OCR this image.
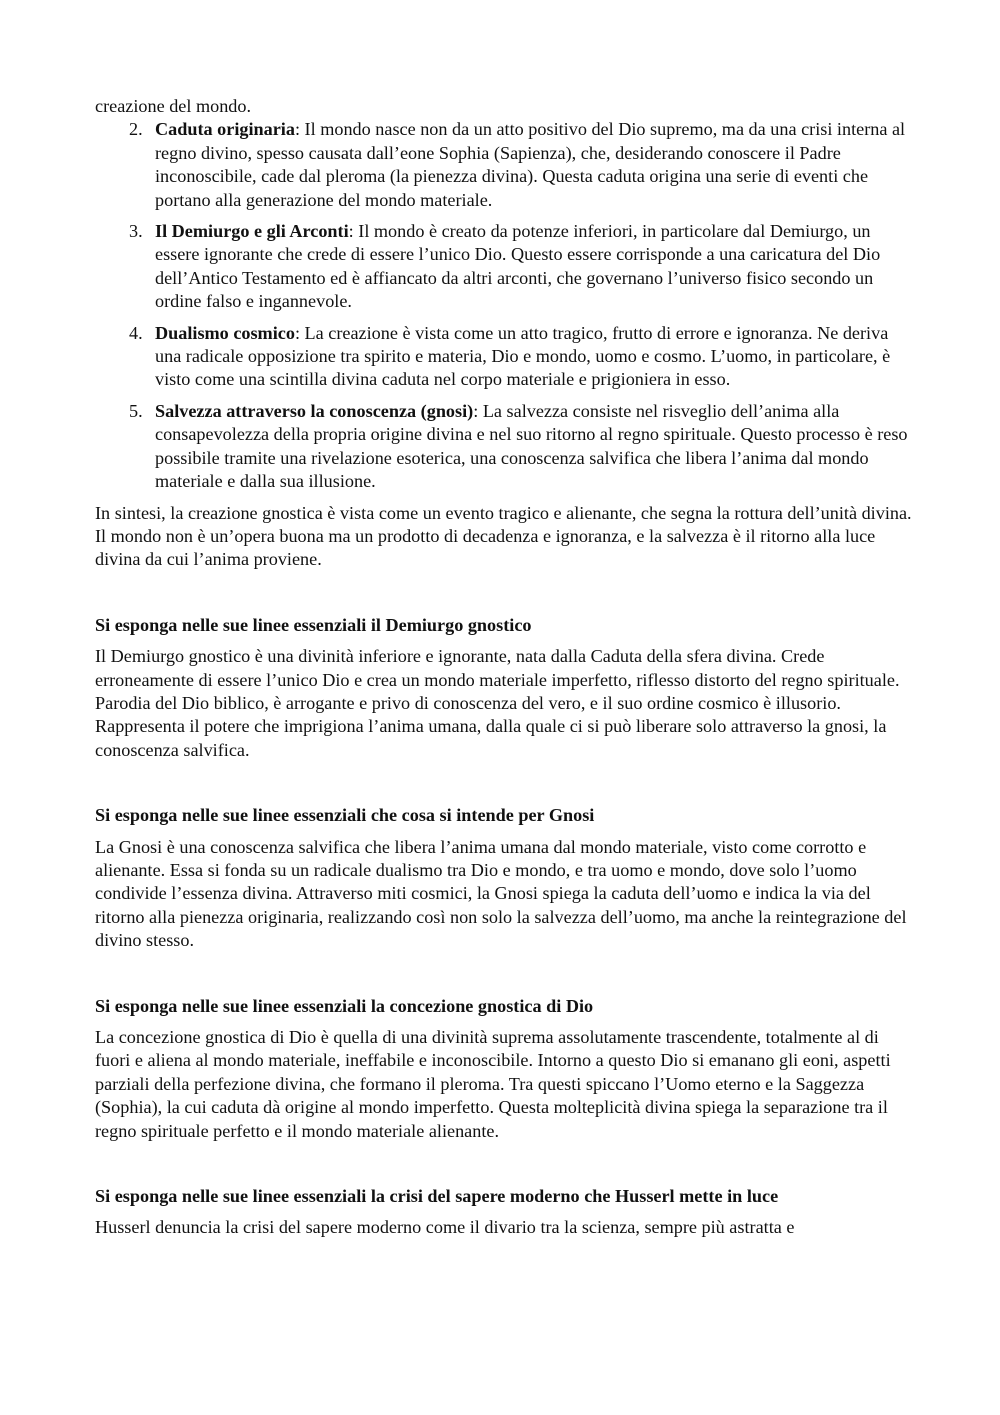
creazione del mondo.

2. Caduta originaria: Il mondo nasce non da un atto positivo del Dio supremo, ma da una crisi interna al regno divino, spesso causata dall’eone Sophia (Sapienza), che, desiderando conoscere il Padre inconoscibile, cade dal pleroma (la pienezza divina). Questa caduta origina una serie di eventi che portano alla generazione del mondo materiale.
3. Il Demiurgo e gli Arconti: Il mondo è creato da potenze inferiori, in particolare dal Demiurgo, un essere ignorante che crede di essere l’unico Dio. Questo essere corrisponde a una caricatura del Dio dell’Antico Testamento ed è affiancato da altri arconti, che governano l’universo fisico secondo un ordine falso e ingannevole.
4. Dualismo cosmico: La creazione è vista come un atto tragico, frutto di errore e ignoranza. Ne deriva una radicale opposizione tra spirito e materia, Dio e mondo, uomo e cosmo. L’uomo, in particolare, è visto come una scintilla divina caduta nel corpo materiale e prigioniera in esso.
5. Salvezza attraverso la conoscenza (gnosi): La salvezza consiste nel risveglio dell’anima alla consapevolezza della propria origine divina e nel suo ritorno al regno spirituale. Questo processo è reso possibile tramite una rivelazione esoterica, una conoscenza salvifica che libera l’anima dal mondo materiale e dalla sua illusione.

In sintesi, la creazione gnostica è vista come un evento tragico e alienante, che segna la rottura dell’unità divina. Il mondo non è un’opera buona ma un prodotto di decadenza e ignoranza, e la salvezza è il ritorno alla luce divina da cui l’anima proviene.

Si esponga nelle sue linee essenziali il Demiurgo gnostico

Il Demiurgo gnostico è una divinità inferiore e ignorante, nata dalla Caduta della sfera divina. Crede erroneamente di essere l’unico Dio e crea un mondo materiale imperfetto, riflesso distorto del regno spirituale. Parodia del Dio biblico, è arrogante e privo di conoscenza del vero, e il suo ordine cosmico è illusorio. Rappresenta il potere che imprigiona l’anima umana, dalla quale ci si può liberare solo attraverso la gnosi, la conoscenza salvifica.

Si esponga nelle sue linee essenziali che cosa si intende per Gnosi

La Gnosi è una conoscenza salvifica che libera l’anima umana dal mondo materiale, visto come corrotto e alienante. Essa si fonda su un radicale dualismo tra Dio e mondo, e tra uomo e mondo, dove solo l’uomo condivide l’essenza divina. Attraverso miti cosmici, la Gnosi spiega la caduta dell’uomo e indica la via del ritorno alla pienezza originaria, realizzando così non solo la salvezza dell’uomo, ma anche la reintegrazione del divino stesso.

Si esponga nelle sue linee essenziali la concezione gnostica di Dio

La concezione gnostica di Dio è quella di una divinità suprema assolutamente trascendente, totalmente al di fuori e aliena al mondo materiale, ineffabile e inconoscibile. Intorno a questo Dio si emanano gli eoni, aspetti parziali della perfezione divina, che formano il pleroma. Tra questi spiccano l’Uomo eterno e la Saggezza (Sophia), la cui caduta dà origine al mondo imperfetto. Questa molteplicità divina spiega la separazione tra il regno spirituale perfetto e il mondo materiale alienante.

Si esponga nelle sue linee essenziali la crisi del sapere moderno che Husserl mette in luce

Husserl denuncia la crisi del sapere moderno come il divario tra la scienza, sempre più astratta e
